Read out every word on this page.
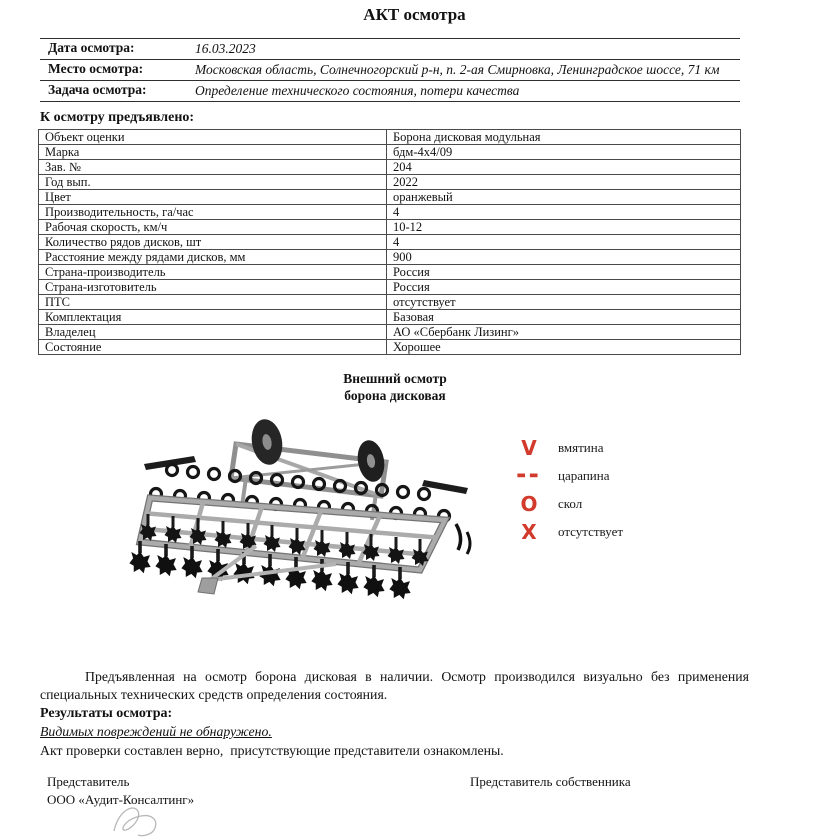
АКТ осмотра
Дата осмотра:	16.03.2023
Место осмотра:	Московская область, Солнечногорский р-н, п. 2-ая Смирновка, Ленинградское шоссе, 71 км
Задача осмотра:	Определение технического состояния, потери качества
К осмотру предъявлено:
Объект оценки	Борона дисковая модульная
Марка	бдм-4х4/09
Зав. №	204
Год вып.	2022
Цвет	оранжевый
Производительность, га/час	4
Рабочая скорость, км/ч	10-12
Количество рядов дисков, шт	4
Расстояние между рядами дисков, мм	900
Страна-производитель	Россия
Страна-изготовитель	Россия
ПТС	отсутствует
Комплектация	Базовая
Владелец	АО «Сбербанк Лизинг»
Состояние	Хорошее
Внешний осмотр
борона дисковая
V	вмятина
▬▬ царапина
O	скол
X	отсутствует
Предъявленная на осмотр борона дисковая в наличии. Осмотр производился визуально без применения специальных технических средств определения состояния.
Результаты осмотра:
Видимых повреждений не обнаружено.
Акт проверки составлен верно,  присутствующие представители ознакомлены.
Представитель
ООО «Аудит-Консалтинг»
Представитель собственника
